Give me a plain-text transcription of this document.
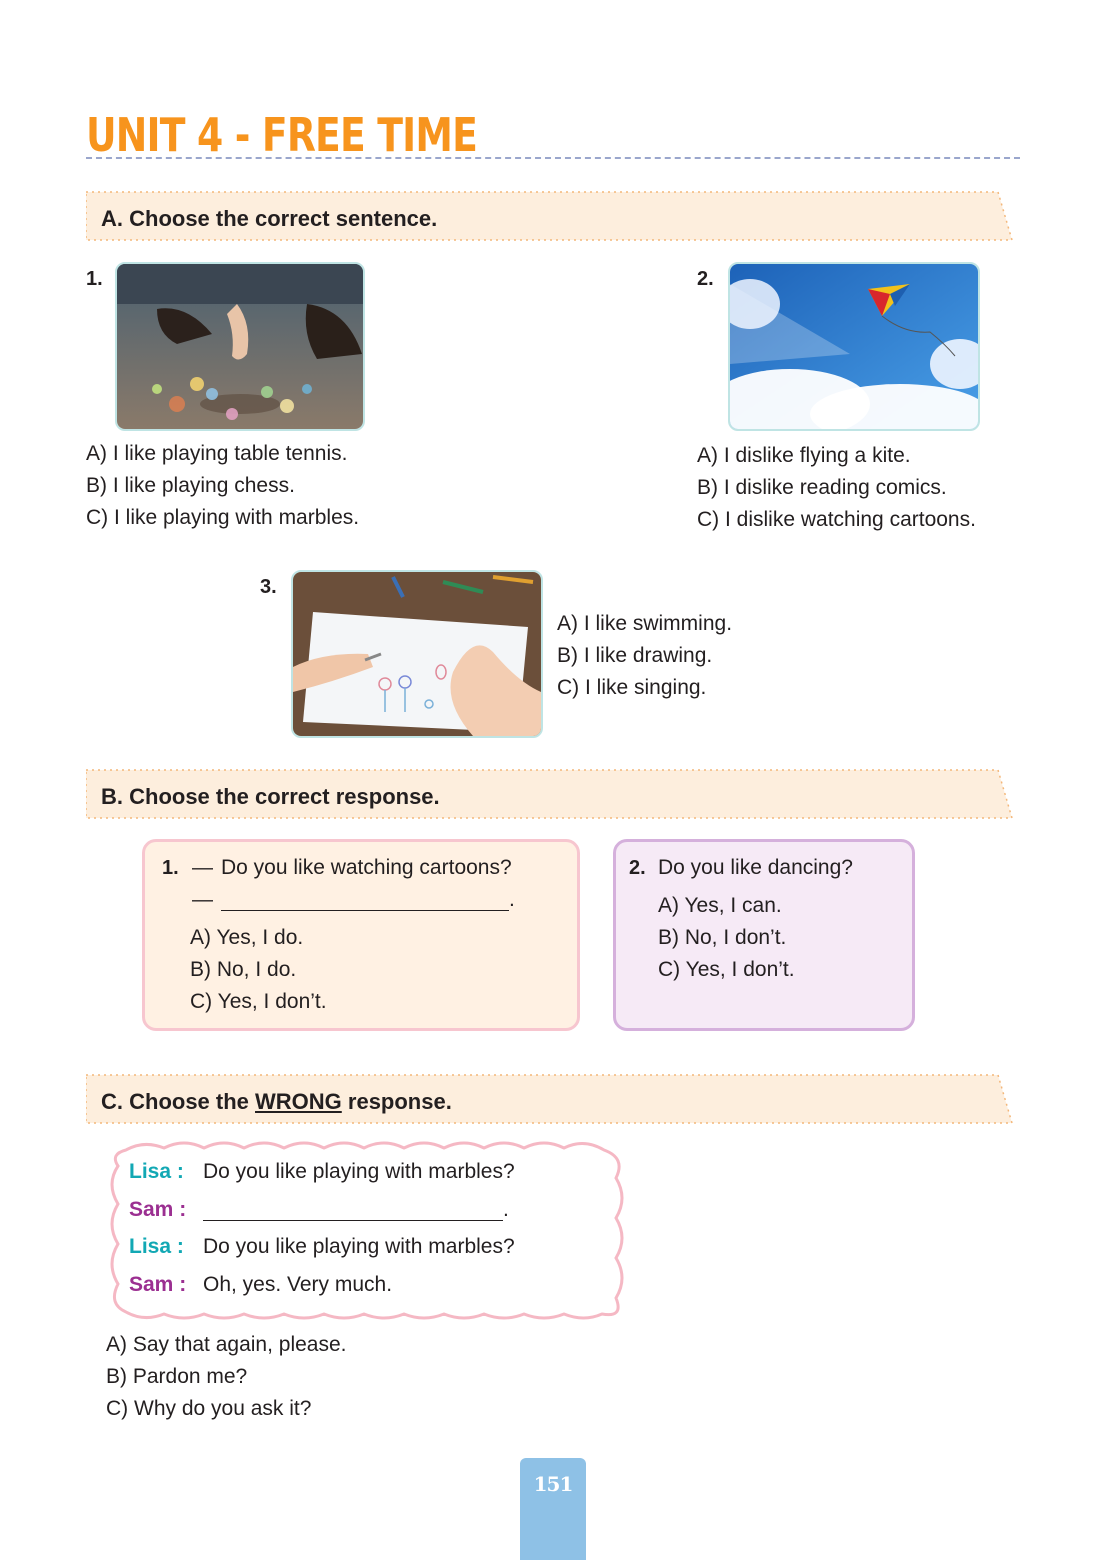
UNIT 4 - FREE TIME
A. Choose the correct sentence.
1.
A) I like playing table tennis.
B) I like playing chess.
C) I like playing with marbles.
2.
A) I dislike flying a kite.
B) I dislike reading comics.
C) I dislike watching cartoons.
3.
A) I like swimming.
B) I like drawing.
C) I like singing.
B. Choose the correct response.
1. — Do you like watching cartoons?
—	.
A) Yes, I do.
B) No, I do.
C) Yes, I don’t.
2. Do you like dancing?
A) Yes, I can.
B) No, I don’t.
C) Yes, I don’t.
C. Choose the WRONG response.
Lisa : Do you like playing with marbles?
Sam :	.
Lisa : Do you like playing with marbles?
Sam : Oh, yes. Very much.
A) Say that again, please.
B) Pardon me?
C) Why do you ask it?
151
